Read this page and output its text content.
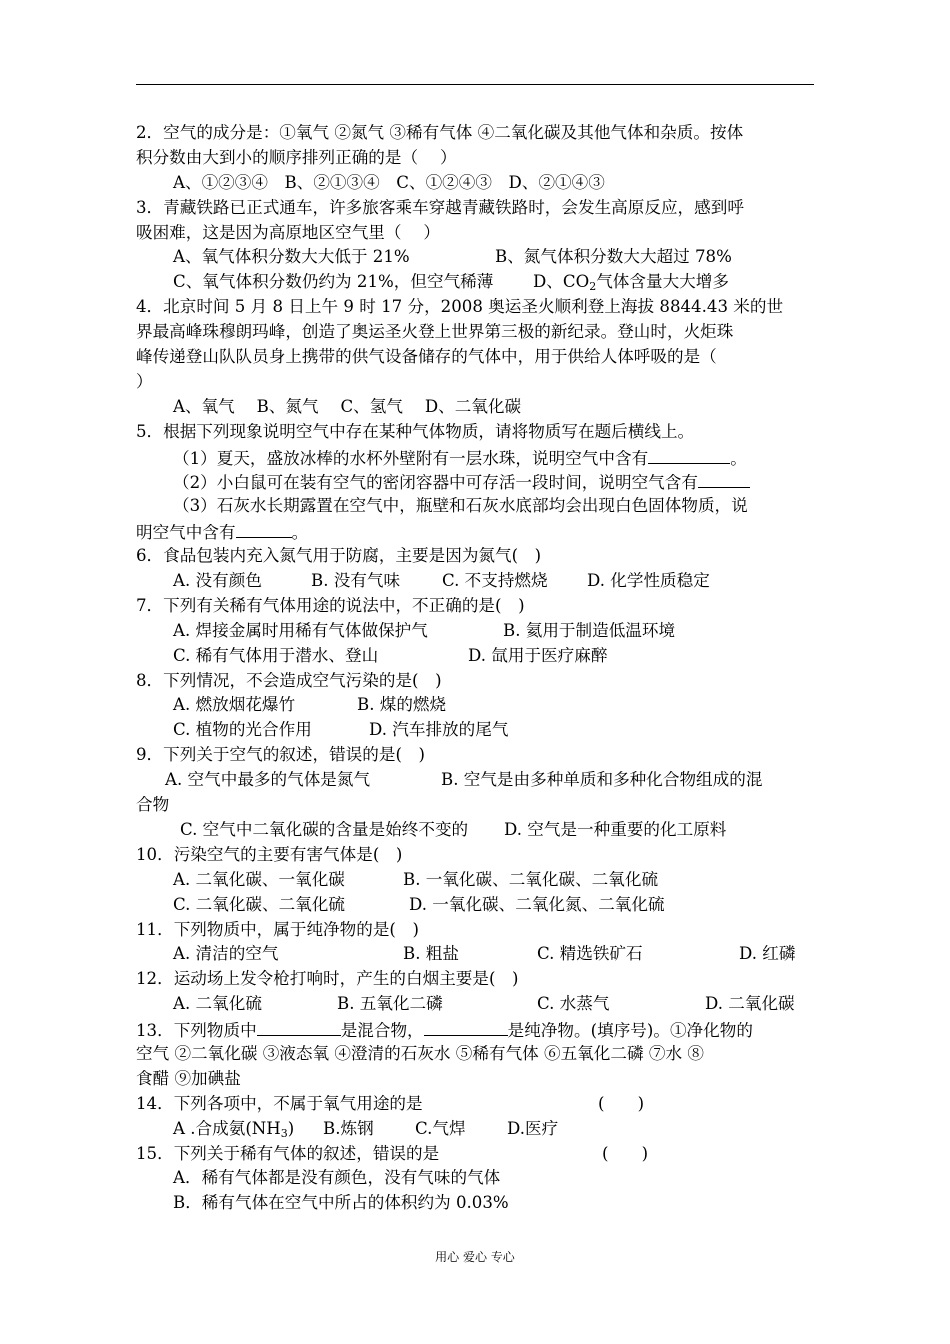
2．空气的成分是：①氧气 ②氮气 ③稀有气体 ④二氧化碳及其他气体和杂质。按体
积分数由大到小的顺序排列正确的是（　 ）
A、①②③④　B、②①③④　C、①②④③　D、②①④③
3．青藏铁路已正式通车，许多旅客乘车穿越青藏铁路时，会发生高原反应，感到呼
吸困难，这是因为高原地区空气里（　 ）
A、氧气体积分数大大低于 21%	B、氮气体积分数大大超过 78%
C、氧气体积分数仍约为 21%，但空气稀薄 D、$CO_2$气体含量大大增多
4．北京时间 5 月 8 日上午 9 时 17 分，2008 奥运圣火顺利登上海拔 8844.43 米的世
界最高峰珠穆朗玛峰，创造了奥运圣火登上世界第三极的新纪录。登山时，火炬珠
峰传递登山队队员身上携带的供气设备储存的气体中，用于供给人体呼吸的是（
）
A、氧气　 B、氮气　 C、氢气　 D、二氧化碳
5．根据下列现象说明空气中存在某种气体物质，请将物质写在题后横线上。
（1）夏天，盛放冰棒的水杯外壁附有一层水珠，说明空气中含有	。
（2）小白鼠可在装有空气的密闭容器中可存活一段时间，说明空气含有
（3）石灰水长期露置在空气中，瓶壁和石灰水底部均会出现白色固体物质，说
明空气中含有	。
6．食品包装内充入氮气用于防腐，主要是因为氮气(　)
A. 没有颜色	B. 没有气味	C. 不支持燃烧 D. 化学性质稳定
7．下列有关稀有气体用途的说法中，不正确的是(　)
A. 焊接金属时用稀有气体做保护气	B. 氦用于制造低温环境
C. 稀有气体用于潜水、登山	D. 氙用于医疗麻醉
8．下列情况，不会造成空气污染的是(　)
A. 燃放烟花爆竹	B. 煤的燃烧
C. 植物的光合作用	D. 汽车排放的尾气
9．下列关于空气的叙述，错误的是(　)
A. 空气中最多的气体是氮气	B. 空气是由多种单质和多种化合物组成的混
合物
C. 空气中二氧化碳的含量是始终不变的 D. 空气是一种重要的化工原料
10．污染空气的主要有害气体是(　)
A. 二氧化碳、一氧化碳	B. 一氧化碳、二氧化碳、二氧化硫
C. 二氧化碳、二氧化硫	D. 一氧化碳、二氧化氮、二氧化硫
11．下列物质中，属于纯净物的是(　)
A. 清洁的空气	B. 粗盐	C. 精选铁矿石	D. 红磷
12．运动场上发令枪打响时，产生的白烟主要是(　)
A. 二氧化硫	B. 五氧化二磷	C. 水蒸气	D. 二氧化碳
13．下列物质中	是混合物，	是纯净物。(填序号)。①净化物的
空气 ②二氧化碳 ③液态氧 ④澄清的石灰水 ⑤稀有气体 ⑥五氧化二磷 ⑦水 ⑧
食醋 ⑨加碘盐
14．下列各项中，不属于氧气用途的是	(　　)
A .合成氨$(NH_3)$ B.炼钢 C.气焊 D.医疗
15．下列关于稀有气体的叙述，错误的是	(　　)
A．稀有气体都是没有颜色，没有气味的气体
B．稀有气体在空气中所占的体积约为 0.03%
用心 爱心 专心
